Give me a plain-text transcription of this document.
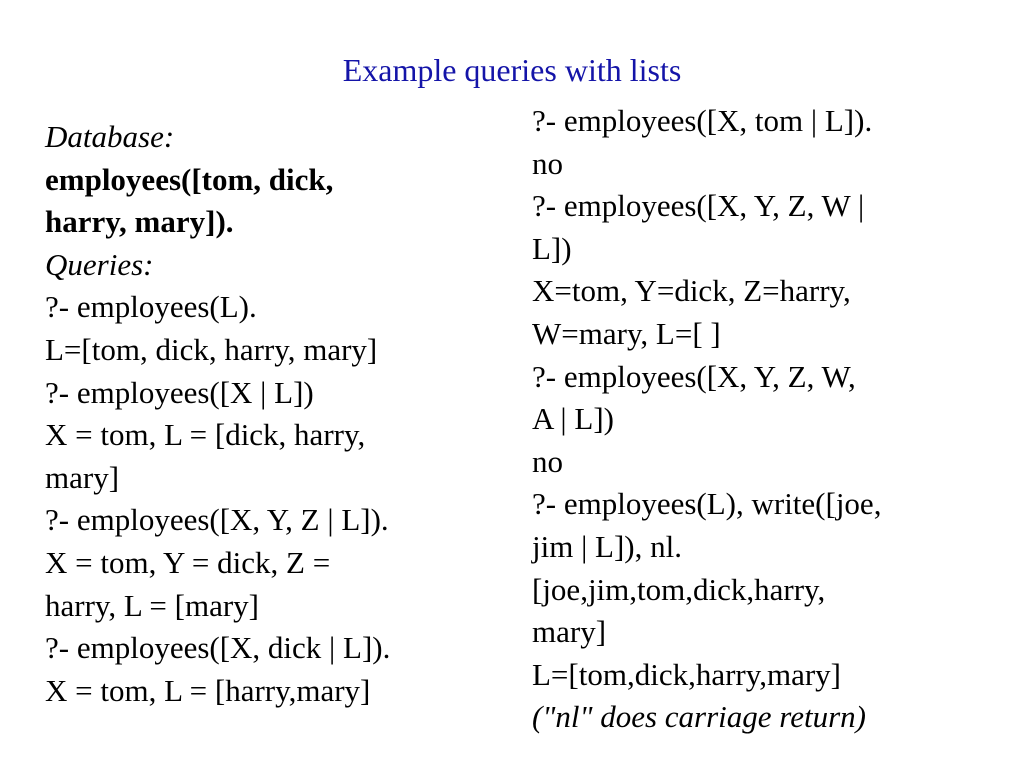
Example queries with lists
Database:
employees([tom, dick,
harry, mary]).
Queries:
?- employees(L).
L=[tom, dick, harry, mary]
?- employees([X | L])
X = tom, L = [dick, harry,
mary]
?- employees([X, Y, Z | L]).
X = tom, Y = dick, Z =
harry, L = [mary]
?- employees([X, dick | L]).
X = tom, L = [harry,mary]
?- employees([X, tom | L]).
no
?- employees([X, Y, Z, W |
L])
X=tom, Y=dick, Z=harry,
W=mary, L=[ ]
?- employees([X, Y, Z, W,
A | L])
no
?- employees(L), write([joe,
jim | L]), nl.
[joe,jim,tom,dick,harry,
mary]
L=[tom,dick,harry,mary]
("nl" does carriage return)
